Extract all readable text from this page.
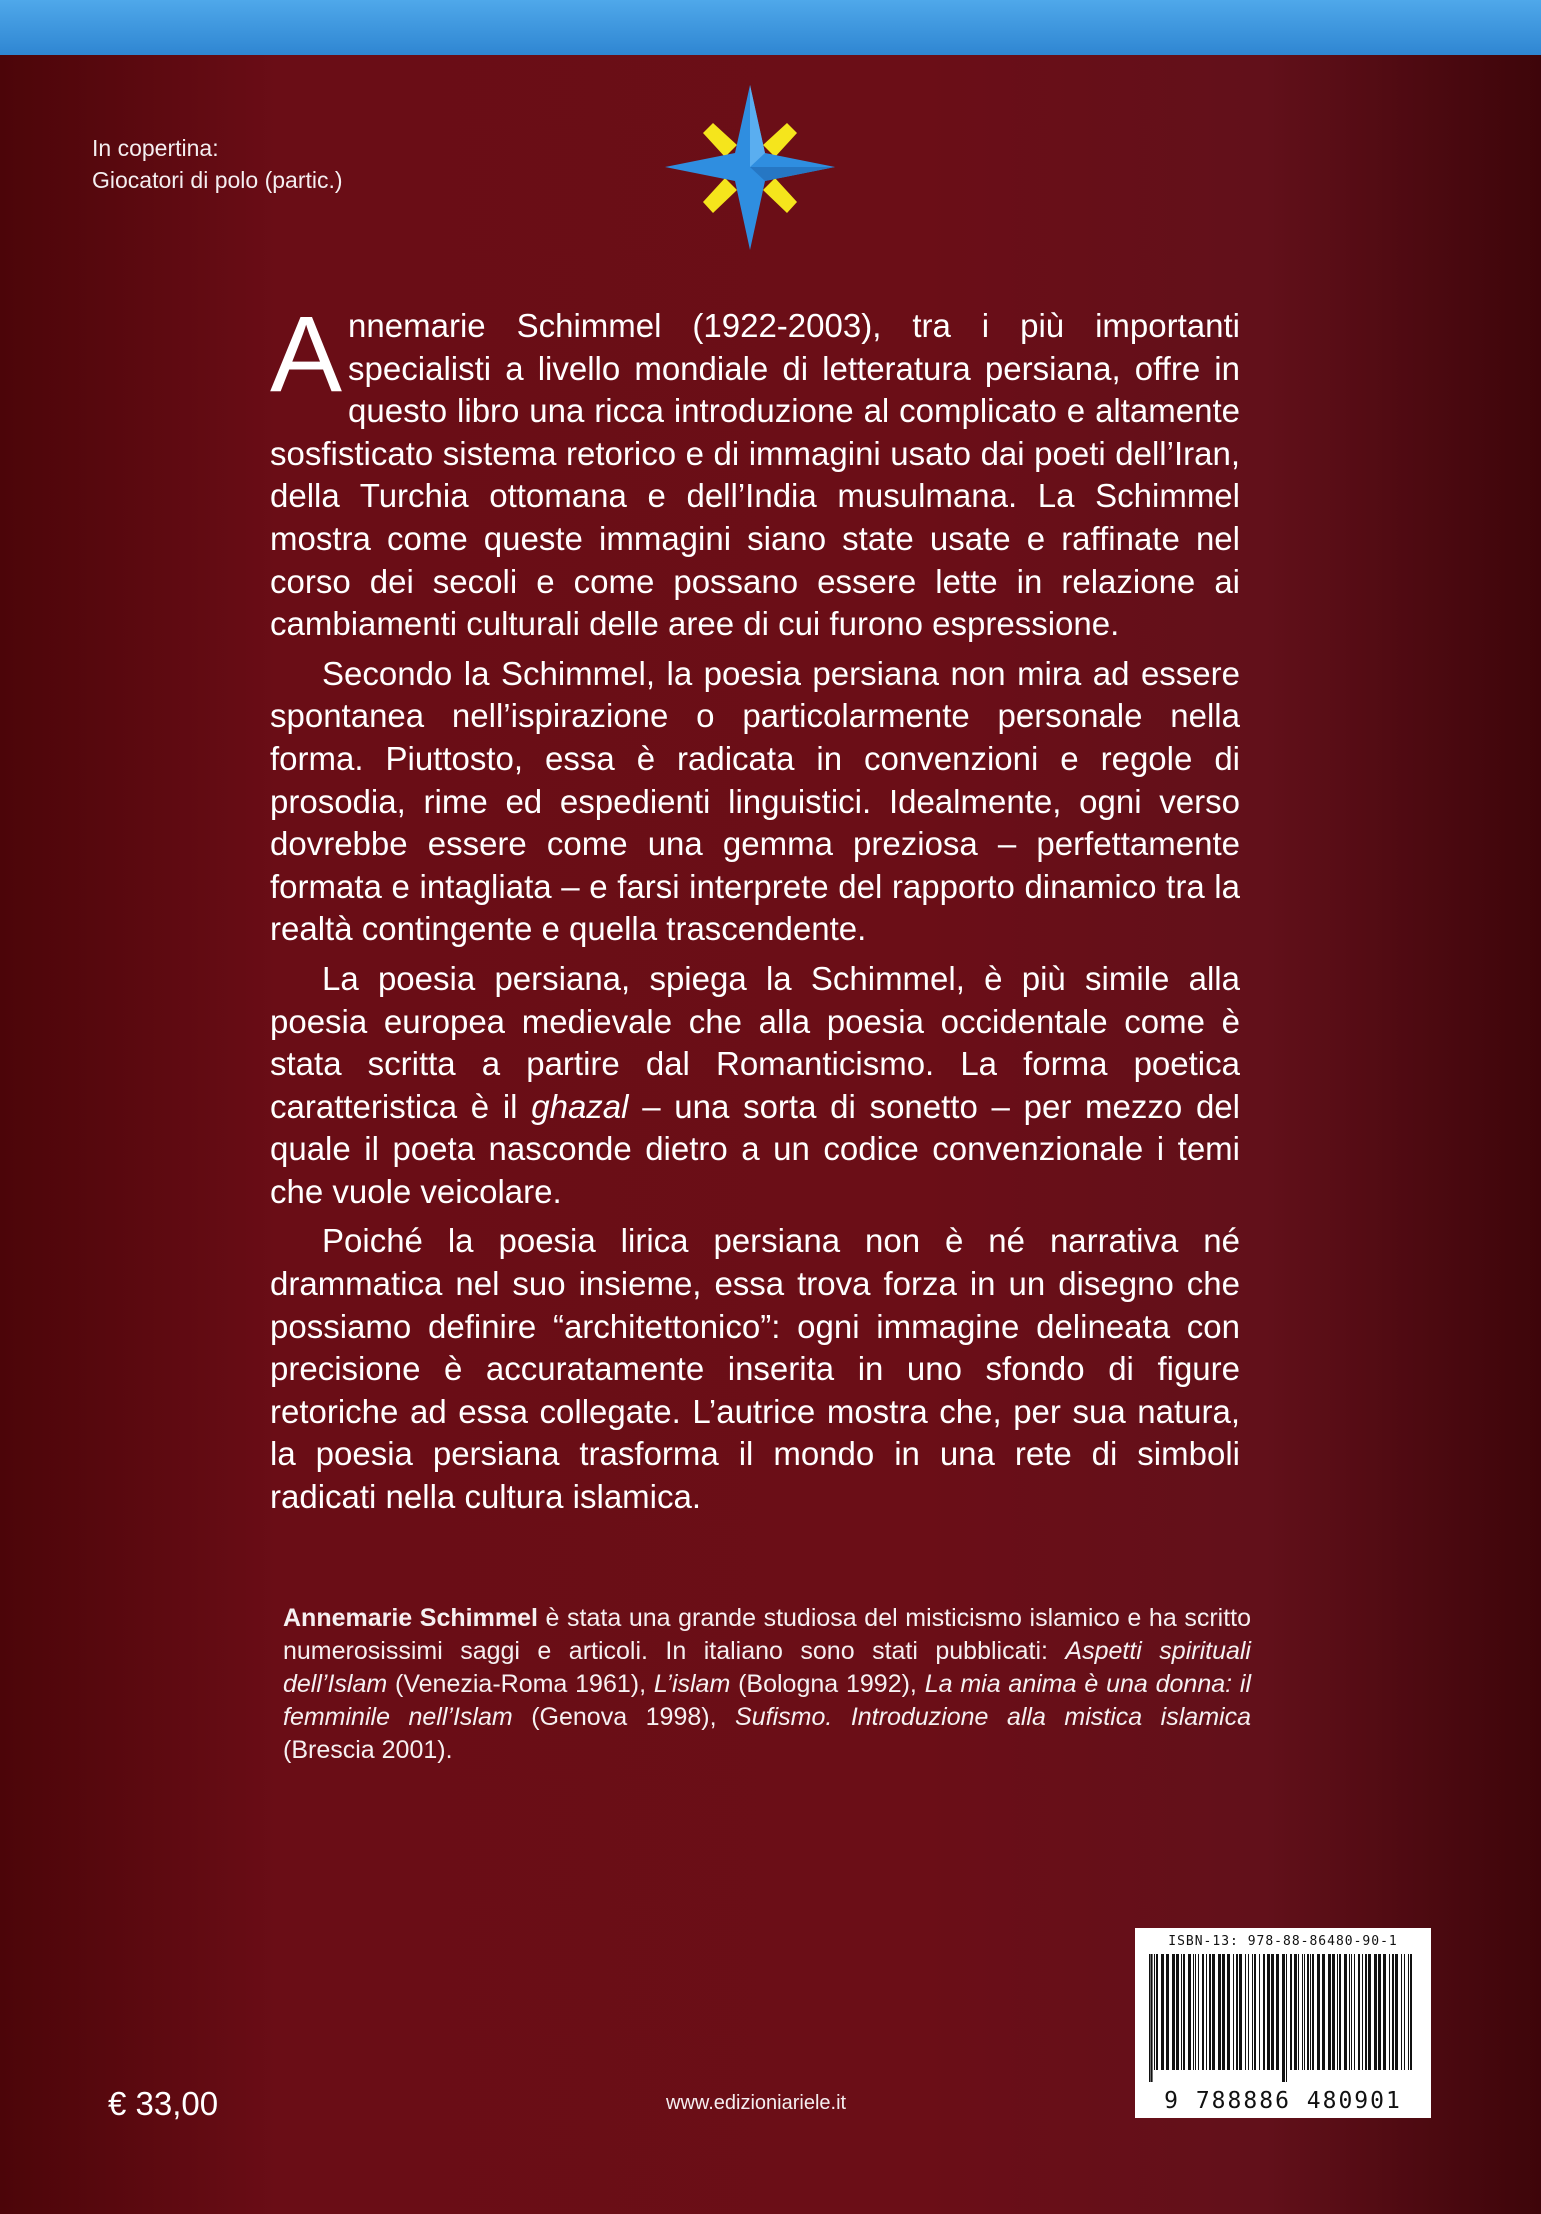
In copertina:
Giocatori di polo (partic.)

Annemarie Schimmel (1922-2003), tra i più importanti specialisti a livello mondiale di letteratura persiana, offre in questo libro una ricca introduzione al complicato e altamente sosfisticato sistema retorico e di immagini usato dai poeti dell’Iran, della Turchia ottomana e dell’India musulmana. La Schimmel mostra come queste immagini siano state usate e raffinate nel corso dei secoli e come possano essere lette in relazione ai cambiamenti culturali delle aree di cui furono espressione.

Secondo la Schimmel, la poesia persiana non mira ad essere spontanea nell’ispirazione o particolarmente personale nella forma. Piuttosto, essa è radicata in convenzioni e regole di prosodia, rime ed espedienti linguistici. Idealmente, ogni verso dovrebbe essere come una gemma preziosa – perfettamente formata e intagliata – e farsi interprete del rapporto dinamico tra la realtà contingente e quella trascendente.

La poesia persiana, spiega la Schimmel, è più simile alla poesia europea medievale che alla poesia occidentale come è stata scritta a partire dal Romanticismo. La forma poetica caratteristica è il ghazal – una sorta di sonetto – per mezzo del quale il poeta nasconde dietro a un codice convenzionale i temi che vuole veicolare.

Poiché la poesia lirica persiana non è né narrativa né drammatica nel suo insieme, essa trova forza in un disegno che possiamo definire “architettonico”: ogni immagine delineata con precisione è accuratamente inserita in uno sfondo di figure retoriche ad essa collegate. L’autrice mostra che, per sua natura, la poesia persiana trasforma il mondo in una rete di simboli radicati nella cultura islamica.

Annemarie Schimmel è stata una grande studiosa del misticismo islamico e ha scritto numerosissimi saggi e articoli. In italiano sono stati pubblicati: Aspetti spirituali dell’Islam (Venezia-Roma 1961), L’islam (Bologna 1992), La mia anima è una donna: il femminile nell’Islam (Genova 1998), Sufismo. Introduzione alla mistica islamica (Brescia 2001).

€ 33,00	www.edizioniariele.it
ISBN-13: 978-88-86480-90-1
9 788886 480901
